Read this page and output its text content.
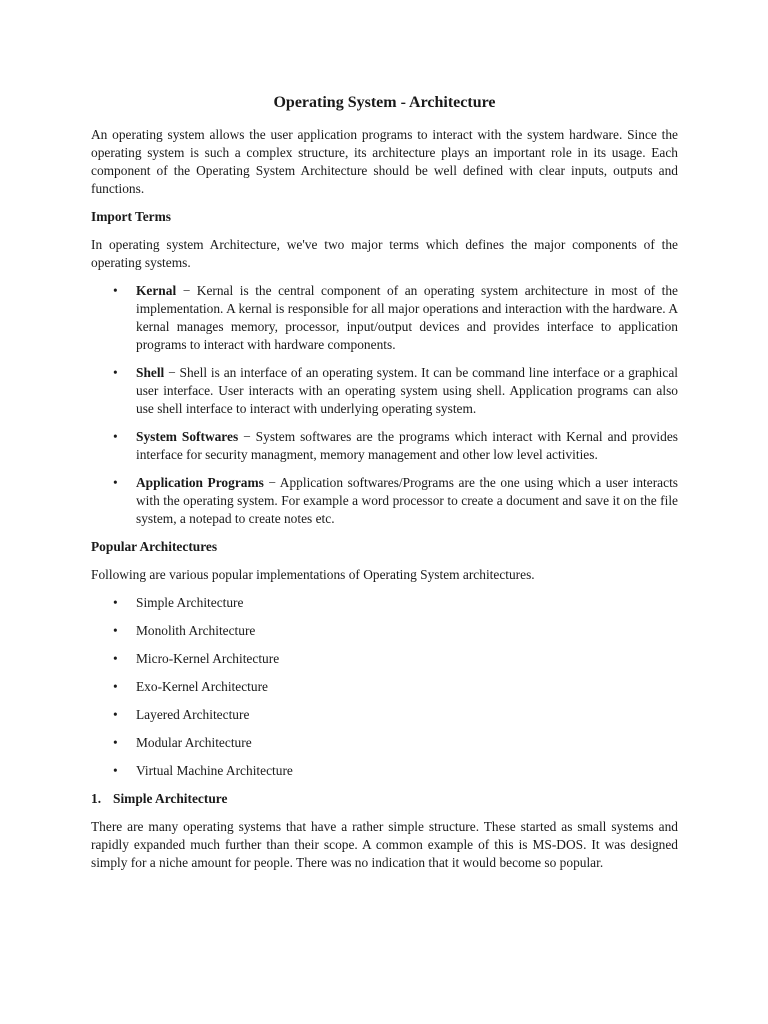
Operating System - Architecture

An operating system allows the user application programs to interact with the system hardware. Since the operating system is such a complex structure, its architecture plays an important role in its usage. Each component of the Operating System Architecture should be well defined with clear inputs, outputs and functions.

Import Terms

In operating system Architecture, we've two major terms which defines the major components of the operating systems.

• Kernal − Kernal is the central component of an operating system architecture in most of the implementation. A kernal is responsible for all major operations and interaction with the hardware. A kernal manages memory, processor, input/output devices and provides interface to application programs to interact with hardware components.
• Shell − Shell is an interface of an operating system. It can be command line interface or a graphical user interface. User interacts with an operating system using shell. Application programs can also use shell interface to interact with underlying operating system.
• System Softwares − System softwares are the programs which interact with Kernal and provides interface for security managment, memory management and other low level activities.
• Application Programs − Application softwares/Programs are the one using which a user interacts with the operating system. For example a word processor to create a document and save it on the file system, a notepad to create notes etc.
Popular Architectures

Following are various popular implementations of Operating System architectures.

• Simple Architecture
• Monolith Architecture
• Micro-Kernel Architecture
• Exo-Kernel Architecture
• Layered Architecture
• Modular Architecture
• Virtual Machine Architecture
1. Simple Architecture

There are many operating systems that have a rather simple structure. These started as small systems and rapidly expanded much further than their scope. A common example of this is MS-DOS. It was designed simply for a niche amount for people. There was no indication that it would become so popular.
